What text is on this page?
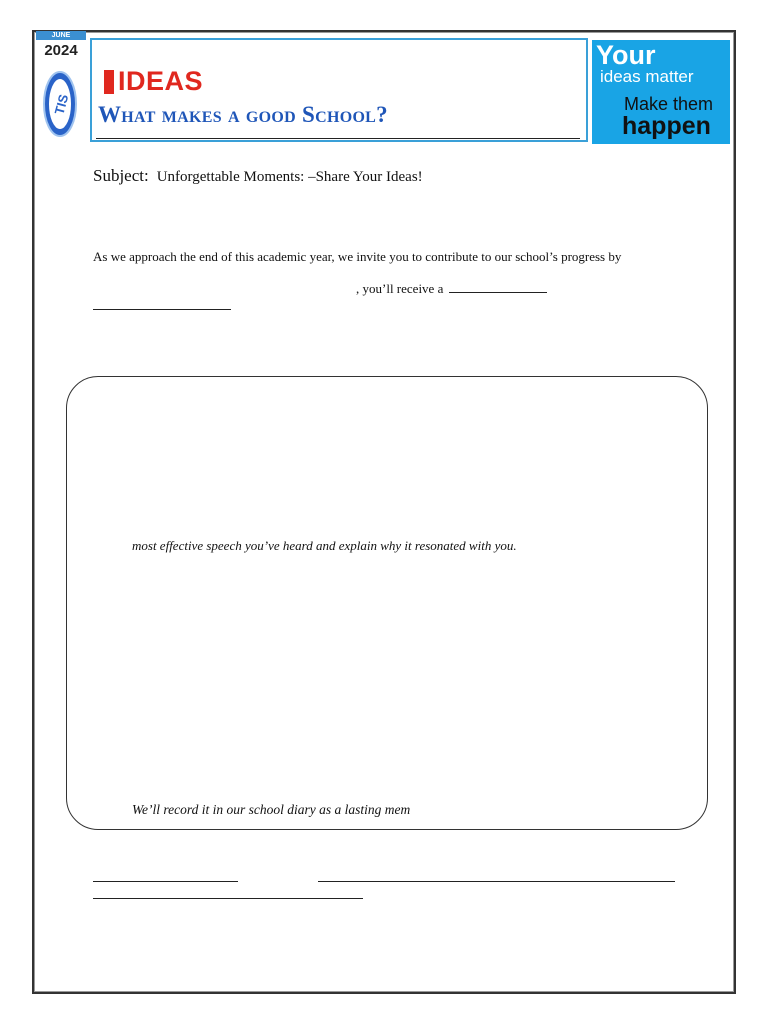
JUNE
2024
TIS
IDEAS
What makes a good School?
Your
ideas matter
Make them
happen
Subject: Unforgettable Moments: –Share Your Ideas!
As we approach the end of this academic year, we invite you to contribute to our school’s progress by
, you’ll receive a
most effective speech you’ve heard and explain why it resonated with you.
We’ll record it in our school diary as a lasting mem
